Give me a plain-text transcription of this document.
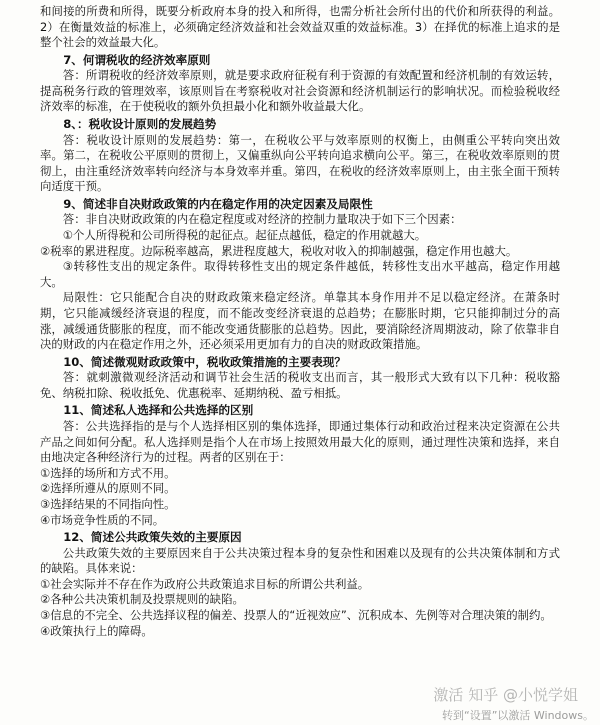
和间接的所费和所得，既要分析政府本身的投入和所得，也需分析社会所付出的代价和所获得的利益。2）在衡量效益的标准上，必须确定经济效益和社会效益双重的效益标准。3）在择优的标准上追求的是整个社会的效益最大化。

7、何谓税收的经济效率原则

答：所谓税收的经济效率原则，就是要求政府征税有利于资源的有效配置和经济机制的有效运转，提高税务行政的管理效率，该原则旨在考察税收对社会资源和经济机制运行的影响状况。而检验税收经济效率的标准，在于使税收的额外负担最小化和额外收益最大化。

8、：税收设计原则的发展趋势

答：税收设计原则的发展趋势：第一，在税收公平与效率原则的权衡上，由侧重公平转向突出效率。第二，在税收公平原则的贯彻上，又偏重纵向公平转向追求横向公平。第三，在税收效率原则的贯彻上，由注重经济效率转向经济与本身效率并重。第四，在税收的经济效率原则上，由主张全面干预转向适度干预。

9、简述非自决财政政策的内在稳定作用的决定因素及局限性

答：非自决财政政策的内在稳定程度或对经济的控制力量取决于如下三个因素：

①个人所得税和公司所得税的起征点。起征点越低，稳定的作用就越大。

②税率的累进程度。边际税率越高，累进程度越大，税收对收入的抑制越强，稳定作用也越大。

③转移性支出的规定条件。取得转移性支出的规定条件越低，转移性支出水平越高，稳定作用越大。

局限性：它只能配合自决的财政政策来稳定经济。单靠其本身作用并不足以稳定经济。在萧条时期，它只能减缓经济衰退的程度，而不能改变经济衰退的总趋势；在膨胀时期，它只能抑制过分的高涨，减缓通货膨胀的程度，而不能改变通货膨胀的总趋势。因此，要消除经济周期波动，除了依靠非自决的财政的内在稳定作用之外，还必须采用更加有力的自决的财政政策措施。

10、简述微观财政政策中，税收政策措施的主要表现？

答：就刺激微观经济活动和调节社会生活的税收支出而言，其一般形式大致有以下几种：税收豁免、纳税扣除、税收抵免、优惠税率、延期纳税、盈亏相抵。

11、简述私人选择和公共选择的区别

答：公共选择指的是与个人选择相区别的集体选择，即通过集体行动和政治过程来决定资源在公共产品之间如何分配。私人选择则是指个人在市场上按照效用最大化的原则，通过理性决策和选择，来自由地决定各种经济行为的过程。两者的区别在于：

①选择的场所和方式不用。

②选择所遵从的原则不同。

③选择结果的不同指向性。

④市场竞争性质的不同。

12、简述公共政策失效的主要原因

公共政策失效的主要原因来自于公共决策过程本身的复杂性和困难以及现有的公共决策体制和方式的缺陷。具体来说：

①社会实际并不存在作为政府公共政策追求目标的所谓公共利益。

②各种公共决策机制及投票规则的缺陷。

③信息的不完全、公共选择议程的偏差、投票人的“近视效应”、沉积成本、先例等对合理决策的制约。

④政策执行上的障碍。

激活 知乎 @小悦学姐
转到“设置”以激活 Windows。
